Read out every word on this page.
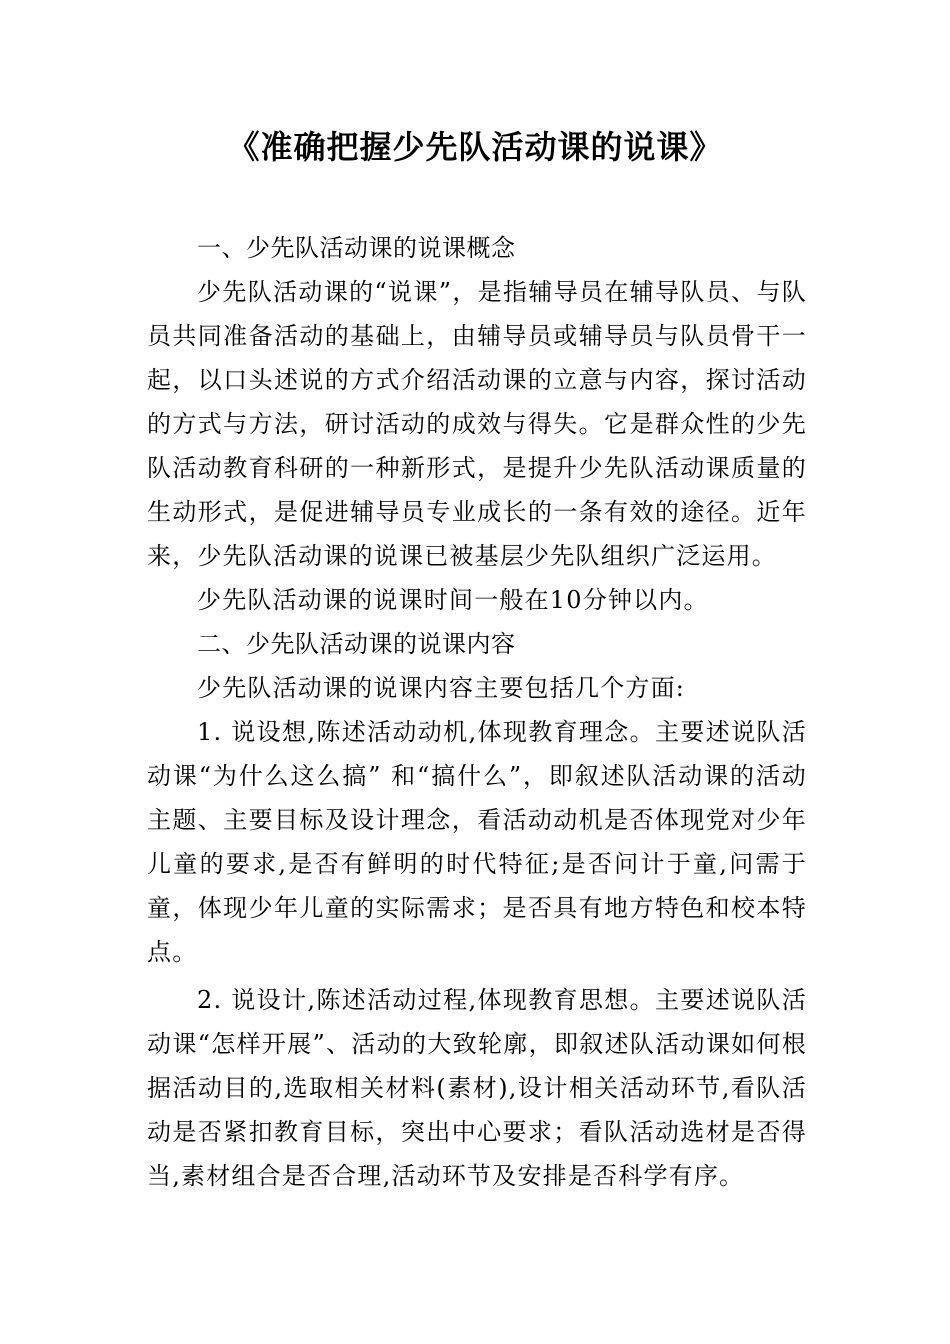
《准确把握少先队活动课的说课》
一、少先队活动课的说课概念

少先队活动课的“说课”，是指辅导员在辅导队员、与队员共同准备活动的基础上，由辅导员或辅导员与队员骨干一起，以口头述说的方式介绍活动课的立意与内容，探讨活动的方式与方法，研讨活动的成效与得失。它是群众性的少先队活动教育科研的一种新形式，是提升少先队活动课质量的生动形式，是促进辅导员专业成长的一条有效的途径。近年来，少先队活动课的说课已被基层少先队组织广泛运用。

少先队活动课的说课时间一般在10分钟以内。

二、少先队活动课的说课内容

少先队活动课的说课内容主要包括几个方面:

1. 说设想,陈述活动动机,体现教育理念。主要述说队活动课“为什么这么搞” 和“搞什么”，即叙述队活动课的活动主题、主要目标及设计理念，看活动动机是否体现党对少年儿童的要求,是否有鲜明的时代特征;是否问计于童,问需于童，体现少年儿童的实际需求；是否具有地方特色和校本特点。

2. 说设计,陈述活动过程,体现教育思想。主要述说队活动课“怎样开展”、活动的大致轮廓，即叙述队活动课如何根据活动目的,选取相关材料(素材),设计相关活动环节,看队活动是否紧扣教育目标，突出中心要求；看队活动选材是否得当,素材组合是否合理,活动环节及安排是否科学有序。
